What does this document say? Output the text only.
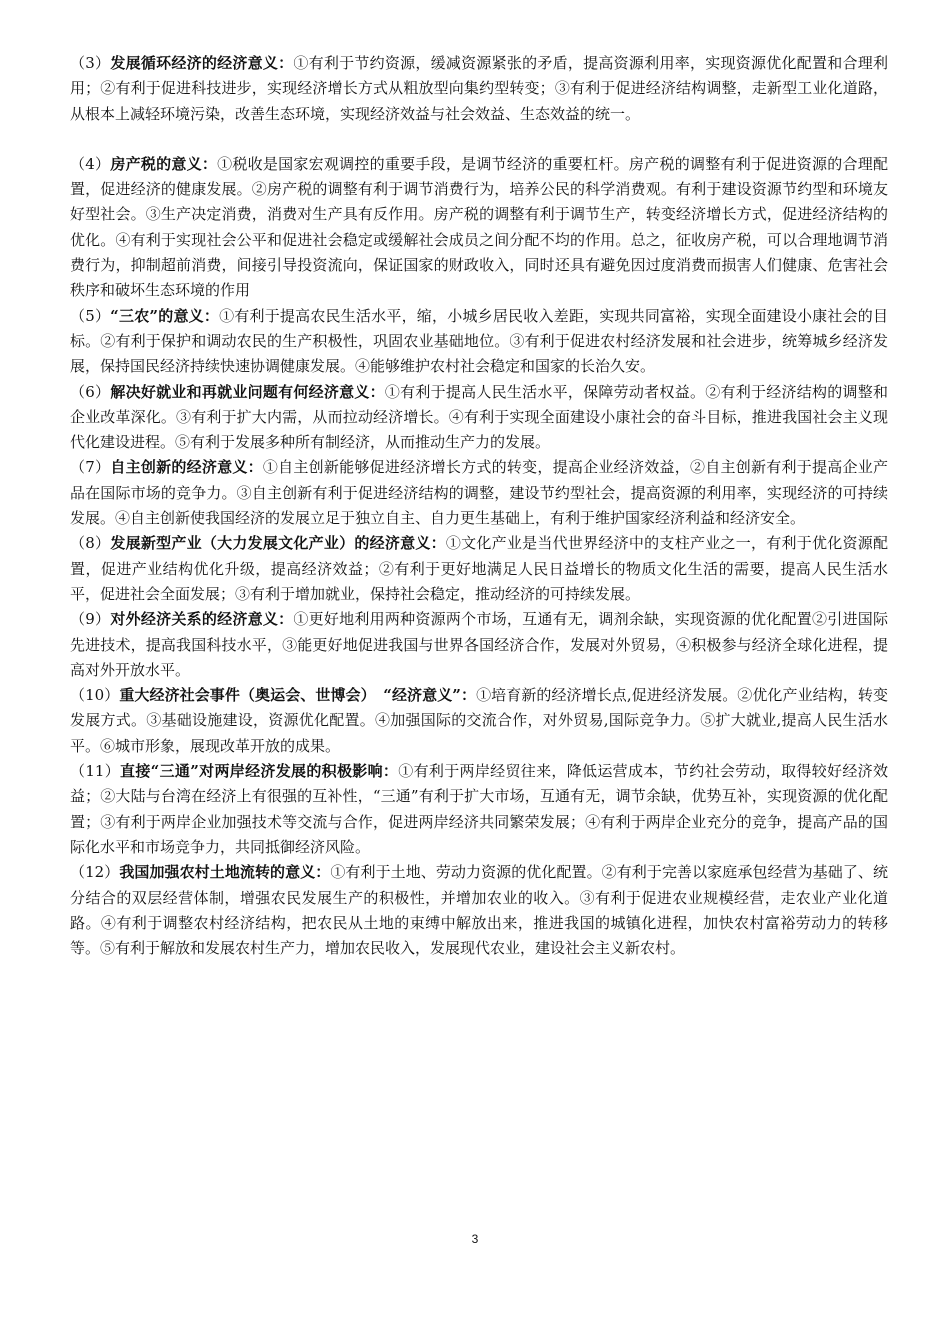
（3）发展循环经济的经济意义：①有利于节约资源，缓减资源紧张的矛盾，提高资源利用率，实现资源优化配置和合理利用；②有利于促进科技进步，实现经济增长方式从粗放型向集约型转变；③有利于促进经济结构调整，走新型工业化道路，从根本上减轻环境污染，改善生态环境，实现经济效益与社会效益、生态效益的统一。

（4）房产税的意义：①税收是国家宏观调控的重要手段，是调节经济的重要杠杆。房产税的调整有利于促进资源的合理配置，促进经济的健康发展。②房产税的调整有利于调节消费行为，培养公民的科学消费观。有利于建设资源节约型和环境友好型社会。③生产决定消费，消费对生产具有反作用。房产税的调整有利于调节生产，转变经济增长方式，促进经济结构的优化。④有利于实现社会公平和促进社会稳定或缓解社会成员之间分配不均的作用。总之，征收房产税，可以合理地调节消费行为，抑制超前消费，间接引导投资流向，保证国家的财政收入，同时还具有避免因过度消费而损害人们健康、危害社会秩序和破坏生态环境的作用

（5）“三农”的意义：①有利于提高农民生活水平，缩，小城乡居民收入差距，实现共同富裕，实现全面建设小康社会的目标。②有利于保护和调动农民的生产积极性，巩固农业基础地位。③有利于促进农村经济发展和社会进步，统筹城乡经济发展，保持国民经济持续快速协调健康发展。④能够维护农村社会稳定和国家的长治久安。

（6）解决好就业和再就业问题有何经济意义：①有利于提高人民生活水平，保障劳动者权益。②有利于经济结构的调整和企业改革深化。③有利于扩大内需，从而拉动经济增长。④有利于实现全面建设小康社会的奋斗目标，推进我国社会主义现代化建设进程。⑤有利于发展多种所有制经济，从而推动生产力的发展。

（7）自主创新的经济意义：①自主创新能够促进经济增长方式的转变，提高企业经济效益，②自主创新有利于提高企业产品在国际市场的竞争力。③自主创新有利于促进经济结构的调整，建设节约型社会，提高资源的利用率，实现经济的可持续发展。④自主创新使我国经济的发展立足于独立自主、自力更生基础上，有利于维护国家经济利益和经济安全。

（8）发展新型产业（大力发展文化产业）的经济意义：①文化产业是当代世界经济中的支柱产业之一，有利于优化资源配置，促进产业结构优化升级，提高经济效益；②有利于更好地满足人民日益增长的物质文化生活的需要，提高人民生活水平，促进社会全面发展；③有利于增加就业，保持社会稳定，推动经济的可持续发展。

（9）对外经济关系的经济意义：①更好地利用两种资源两个市场，互通有无，调剂余缺，实现资源的优化配置②引进国际先进技术，提高我国科技水平，③能更好地促进我国与世界各国经济合作，发展对外贸易，④积极参与经济全球化进程，提高对外开放水平。

（10）重大经济社会事件（奥运会、世博会）　“经济意义”：①培育新的经济增长点,促进经济发展。②优化产业结构，转变发展方式。③基础设施建设，资源优化配置。④加强国际的交流合作，对外贸易,国际竞争力。⑤扩大就业,提高人民生活水平。⑥城市形象，展现改革开放的成果。

（11）直接“三通”对两岸经济发展的积极影响：①有利于两岸经贸往来，降低运营成本，节约社会劳动，取得较好经济效益；②大陆与台湾在经济上有很强的互补性，“三通”有利于扩大市场，互通有无，调节余缺，优势互补，实现资源的优化配置；③有利于两岸企业加强技术等交流与合作，促进两岸经济共同繁荣发展；④有利于两岸企业充分的竞争，提高产品的国际化水平和市场竞争力，共同抵御经济风险。

（12）我国加强农村土地流转的意义：①有利于土地、劳动力资源的优化配置。②有利于完善以家庭承包经营为基础了、统分结合的双层经营体制，增强农民发展生产的积极性，并增加农业的收入。③有利于促进农业规模经营，走农业产业化道路。④有利于调整农村经济结构，把农民从土地的束缚中解放出来，推进我国的城镇化进程，加快农村富裕劳动力的转移等。⑤有利于解放和发展农村生产力，增加农民收入，发展现代农业，建设社会主义新农村。

3
